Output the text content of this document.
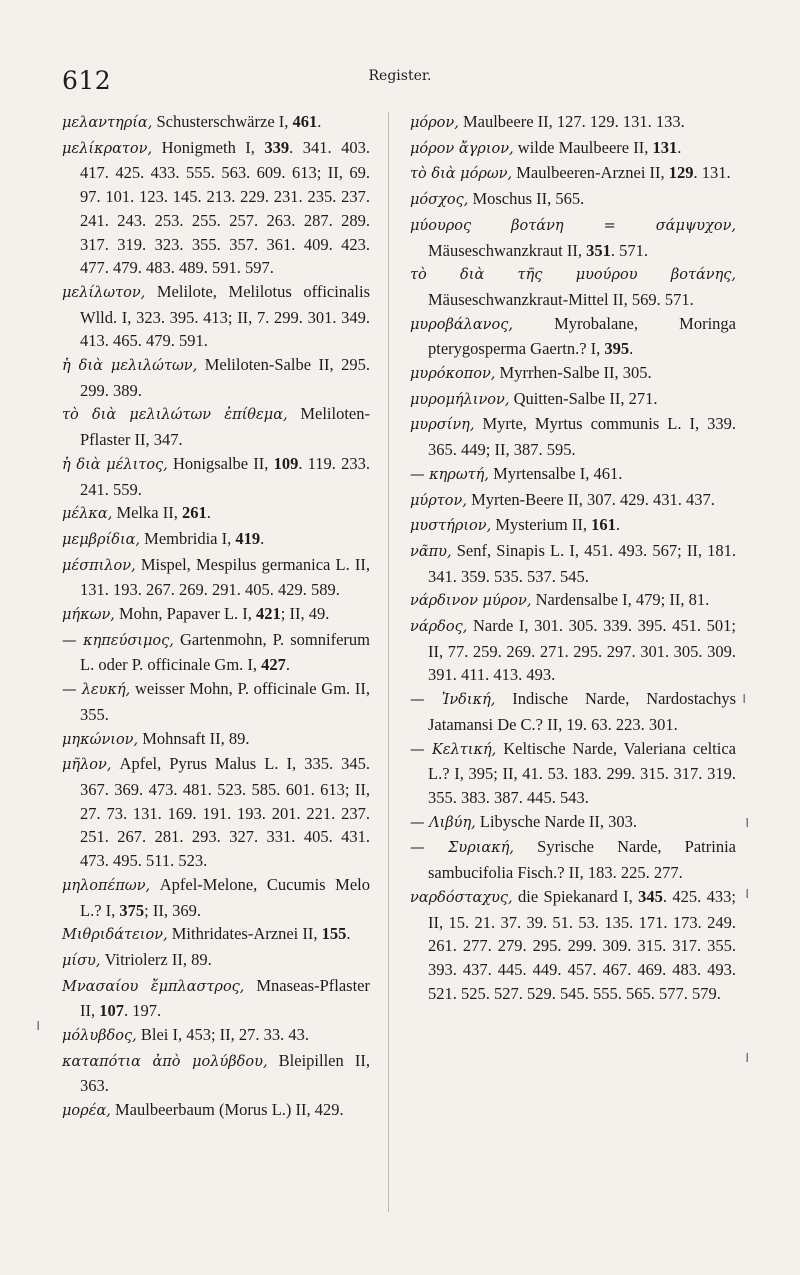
612	Register.

μελαντηρία, Schusterschwärze I, 461.

μελίκρατον, Honigmeth I, 339. 341. 403. 417. 425. 433. 555. 563. 609. 613; II, 69. 97. 101. 123. 145. 213. 229. 231. 235. 237. 241. 243. 253. 255. 257. 263. 287. 289. 317. 319. 323. 355. 357. 361. 409. 423. 477. 479. 483. 489. 591. 597.

μελίλωτον, Melilote, Melilotus officinalis Wlld. I, 323. 395. 413; II, 7. 299. 301. 349. 413. 465. 479. 591.

ἡ διὰ μελιλώτων, Meliloten-Salbe II, 295. 299. 389.

τὸ διὰ μελιλώτων ἐπίθεμα, Meliloten-Pflaster II, 347.

ἡ διὰ μέλιτος, Honigsalbe II, 109. 119. 233. 241. 559.

μέλκα, Melka II, 261.

μεμβρίδια, Membridia I, 419.

μέσπιλον, Mispel, Mespilus germanica L. II, 131. 193. 267. 269. 291. 405. 429. 589.

μήκων, Mohn, Papaver L. I, 421; II, 49.

— κηπεύσιμος, Gartenmohn, P. somniferum L. oder P. officinale Gm. I, 427.

— λευκή, weisser Mohn, P. officinale Gm. II, 355.

μηκώνιον, Mohnsaft II, 89.

μῆλον, Apfel, Pyrus Malus L. I, 335. 345. 367. 369. 473. 481. 523. 585. 601. 613; II, 27. 73. 131. 169. 191. 193. 201. 221. 237. 251. 267. 281. 293. 327. 331. 405. 431. 473. 495. 511. 523.

μηλοπέπων, Apfel-Melone, Cucumis Melo L.? I, 375; II, 369.

Μιθριδάτειον, Mithridates-Arznei II, 155.

μίσυ, Vitriolerz II, 89.

Μνασαίου ἔμπλαστρος, Mnaseas-Pflaster II, 107. 197.

μόλυβδος, Blei I, 453; II, 27. 33. 43.

καταπότια ἀπὸ μολύβδου, Bleipillen II, 363.

μορέα, Maulbeerbaum (Morus L.) II, 429.

μόρον, Maulbeere II, 127. 129. 131. 133.

μόρον ἄγριον, wilde Maulbeere II, 131.

τὸ διὰ μόρων, Maulbeeren-Arznei II, 129. 131.

μόσχος, Moschus II, 565.

μύουρος βοτάνη = σάμψυχον, Mäuseschwanzkraut II, 351. 571.

τὸ διὰ τῆς μυούρου βοτάνης, Mäuseschwanzkraut-Mittel II, 569. 571.

μυροβάλανος, Myrobalane, Moringa pterygosperma Gaertn.? I, 395.

μυρόκοπον, Myrrhen-Salbe II, 305.

μυρομήλινον, Quitten-Salbe II, 271.

μυρσίνη, Myrte, Myrtus communis L. I, 339. 365. 449; II, 387. 595.

— κηρωτή, Myrtensalbe I, 461.

μύρτον, Myrten-Beere II, 307. 429. 431. 437.

μυστήριον, Mysterium II, 161.

νᾶπυ, Senf, Sinapis L. I, 451. 493. 567; II, 181. 341. 359. 535. 537. 545.

νάρδινον μύρον, Nardensalbe I, 479; II, 81.

νάρδος, Narde I, 301. 305. 339. 395. 451. 501; II, 77. 259. 269. 271. 295. 297. 301. 305. 309. 391. 411. 413. 493.

— Ἰνδική, Indische Narde, Nardostachys Jatamansi De C.? II, 19. 63. 223. 301.

— Κελτική, Keltische Narde, Valeriana celtica L.? I, 395; II, 41. 53. 183. 299. 315. 317. 319. 355. 383. 387. 445. 543.

— Λιβύη, Libysche Narde II, 303.

— Συριακή, Syrische Narde, Patrinia sambucifolia Fisch.? II, 183. 225. 277.

ναρδόσταχυς, die Spiekanard I, 345. 425. 433; II, 15. 21. 37. 39. 51. 53. 135. 171. 173. 249. 261. 277. 279. 295. 299. 309. 315. 317. 355. 393. 437. 445. 449. 457. 467. 469. 483. 493. 521. 525. 527. 529. 545. 555. 565. 577. 579.

ı
ı
ı
ı
ı
